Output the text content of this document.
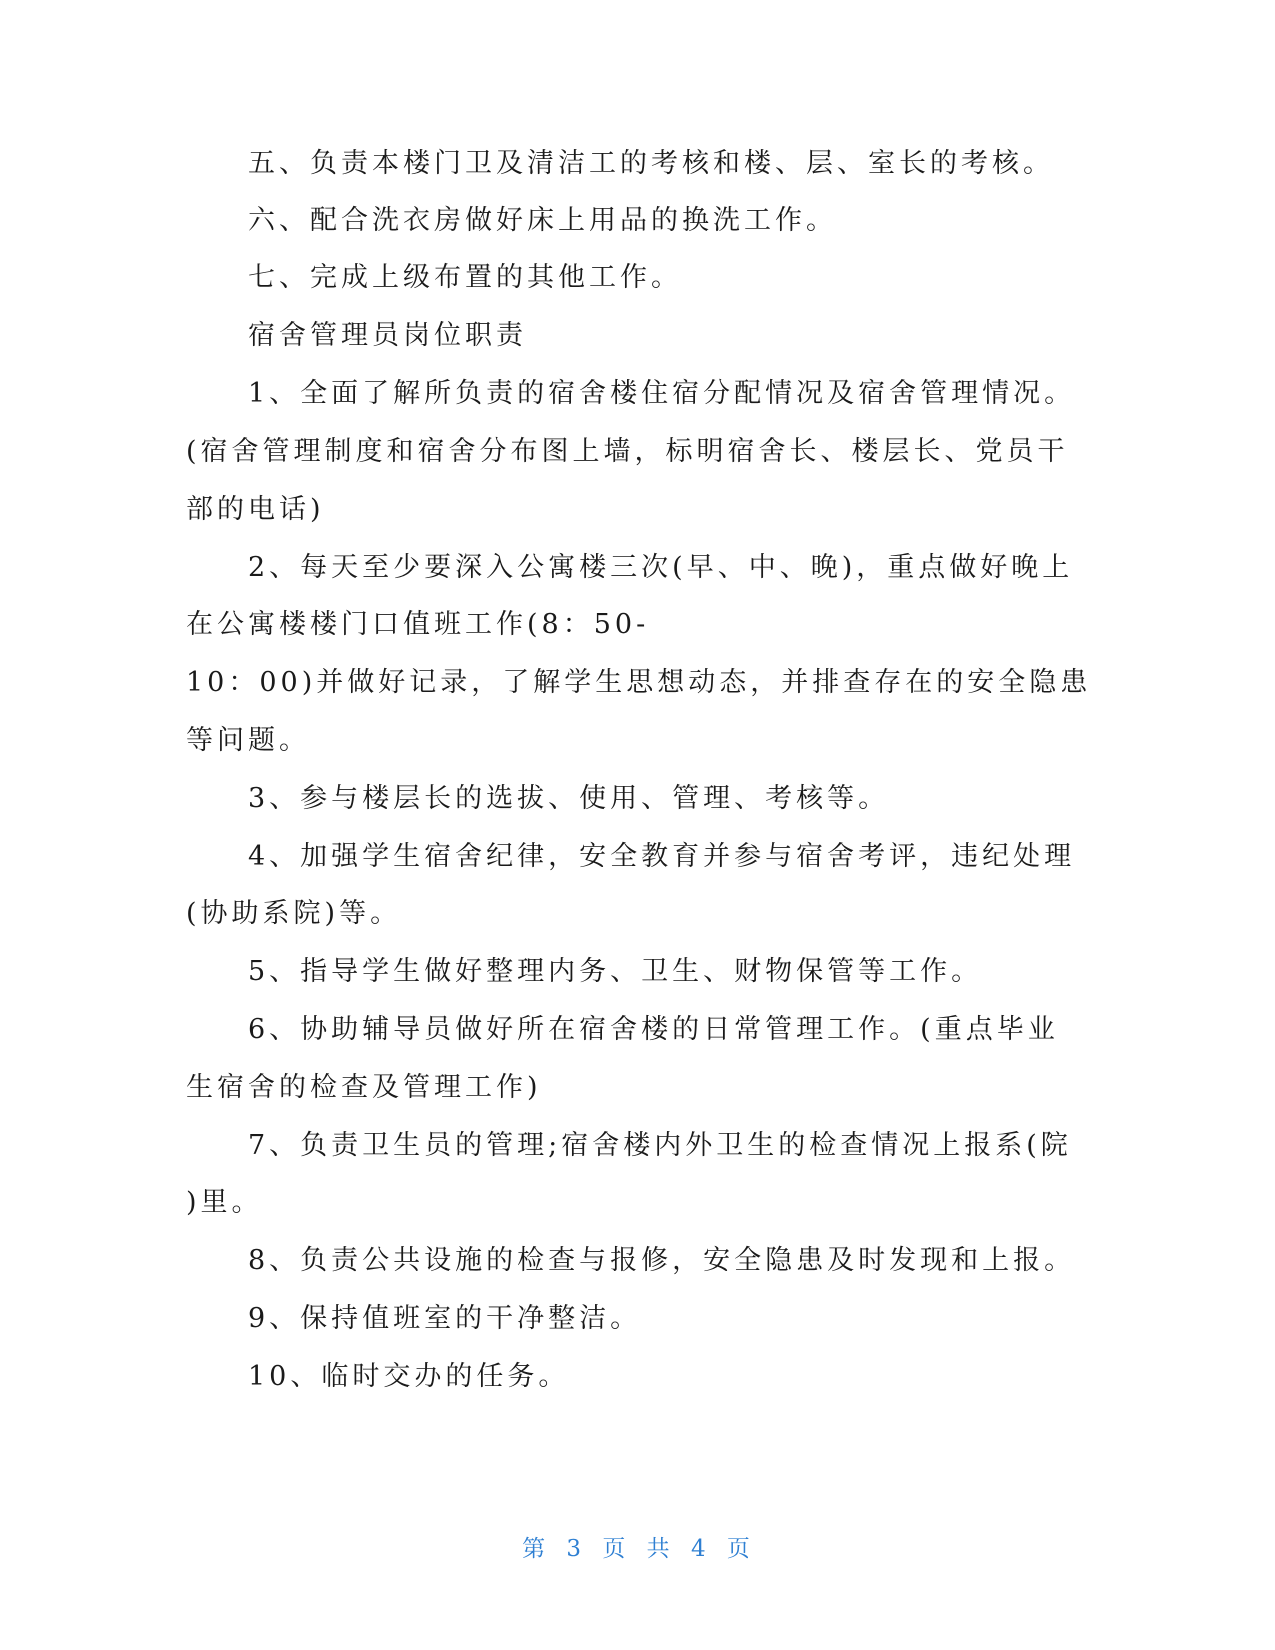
五、负责本楼门卫及清洁工的考核和楼、层、室长的考核。
六、配合洗衣房做好床上用品的换洗工作。
七、完成上级布置的其他工作。
宿舍管理员岗位职责
1、全面了解所负责的宿舍楼住宿分配情况及宿舍管理情况。
(宿舍管理制度和宿舍分布图上墙，标明宿舍长、楼层长、党员干
部的电话)
2、每天至少要深入公寓楼三次(早、中、晚)，重点做好晚上
在公寓楼楼门口值班工作(8：50-
10：00)并做好记录，了解学生思想动态，并排查存在的安全隐患
等问题。
3、参与楼层长的选拔、使用、管理、考核等。
4、加强学生宿舍纪律，安全教育并参与宿舍考评，违纪处理
(协助系院)等。
5、指导学生做好整理内务、卫生、财物保管等工作。
6、协助辅导员做好所在宿舍楼的日常管理工作。(重点毕业
生宿舍的检查及管理工作)
7、负责卫生员的管理;宿舍楼内外卫生的检查情况上报系(院
)里。
8、负责公共设施的检查与报修，安全隐患及时发现和上报。
9、保持值班室的干净整洁。
10、临时交办的任务。
第 3 页 共 4 页
